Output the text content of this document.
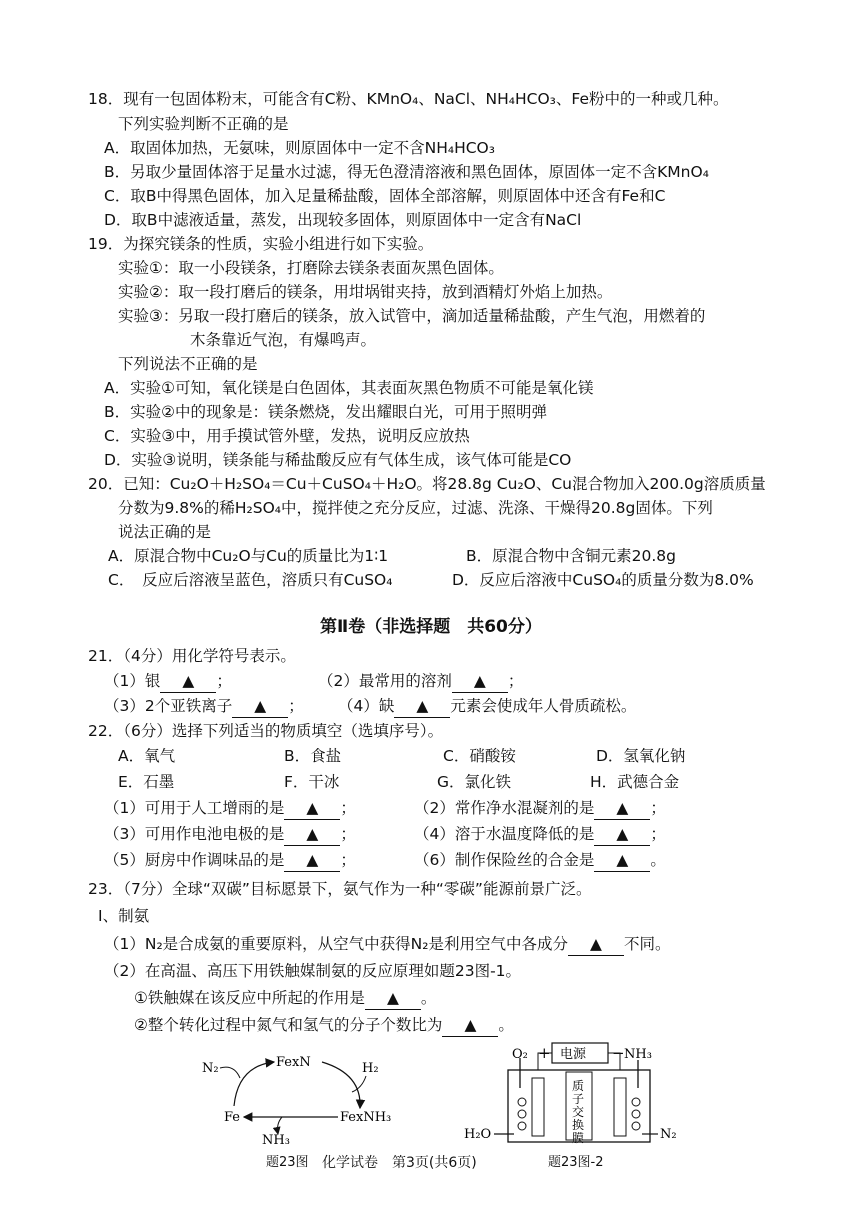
18．现有一包固体粉末，可能含有C粉、KMnO₄、NaCl、NH₄HCO₃、Fe粉中的一种或几种。
下列实验判断不正确的是
A．取固体加热，无氨味，则原固体中一定不含NH₄HCO₃
B．另取少量固体溶于足量水过滤，得无色澄清溶液和黑色固体，原固体一定不含KMnO₄
C．取B中得黑色固体，加入足量稀盐酸，固体全部溶解，则原固体中还含有Fe和C
D．取B中滤液适量，蒸发，出现较多固体，则原固体中一定含有NaCl
19．为探究镁条的性质，实验小组进行如下实验。
实验①：取一小段镁条，打磨除去镁条表面灰黑色固体。
实验②：取一段打磨后的镁条，用坩埚钳夹持，放到酒精灯外焰上加热。
实验③：另取一段打磨后的镁条，放入试管中，滴加适量稀盐酸，产生气泡，用燃着的
木条靠近气泡，有爆鸣声。
下列说法不正确的是
A．实验①可知，氧化镁是白色固体，其表面灰黑色物质不可能是氧化镁
B．实验②中的现象是：镁条燃烧，发出耀眼白光，可用于照明弹
C．实验③中，用手摸试管外壁，发热，说明反应放热
D．实验③说明，镁条能与稀盐酸反应有气体生成，该气体可能是CO
20．已知：Cu₂O＋H₂SO₄＝Cu＋CuSO₄＋H₂O。将28.8g Cu₂O、Cu混合物加入200.0g溶质质量
分数为9.8%的稀H₂SO₄中，搅拌使之充分反应，过滤、洗涤、干燥得20.8g固体。下列
说法正确的是
A．原混合物中Cu₂O与Cu的质量比为1∶1	B．原混合物中含铜元素20.8g
C．　反应后溶液呈蓝色，溶质只有CuSO₄	D．反应后溶液中CuSO₄的质量分数为8.0%
第Ⅱ卷（非选择题　共60分）
21．（4分）用化学符号表示。
（1）银 ▲ ；	（2）最常用的溶剂 ▲ ；
（3）2个亚铁离子 ▲ ； （4）缺 ▲ 元素会使成年人骨质疏松。
22．（6分）选择下列适当的物质填空（选填序号）。
A．氧气	B．食盐	C．硝酸铵	D．氢氧化钠
E．石墨	F．干冰	G．氯化铁	H．武德合金
（1）可用于人工增雨的是 ▲ ；	（2）常作净水混凝剂的是 ▲ ；
（3）可用作电池电极的是 ▲ ；	（4）溶于水温度降低的是 ▲ ；
（5）厨房中作调味品的是 ▲ ；	（6）制作保险丝的合金是 ▲ 。
23．（7分）全球“双碳”目标愿景下，氨气作为一种“零碳”能源前景广泛。
Ⅰ、制氨
（1）N₂是合成氨的重要原料，从空气中获得N₂是利用空气中各成分 ▲ 不同。
（2）在高温、高压下用铁触媒制氨的反应原理如题23图-1。
①铁触媒在该反应中所起的作用是 ▲ 。
②整个转化过程中氮气和氢气的分子个数比为 ▲ 。
N₂	FexN	H₂
Fe	FexNH₃
NH₃
题23图 化学试卷　第3页(共6页)
O₂ + 电源 − NH₃
质
子
交
换
膜
H₂O	N₂
题23图-2
